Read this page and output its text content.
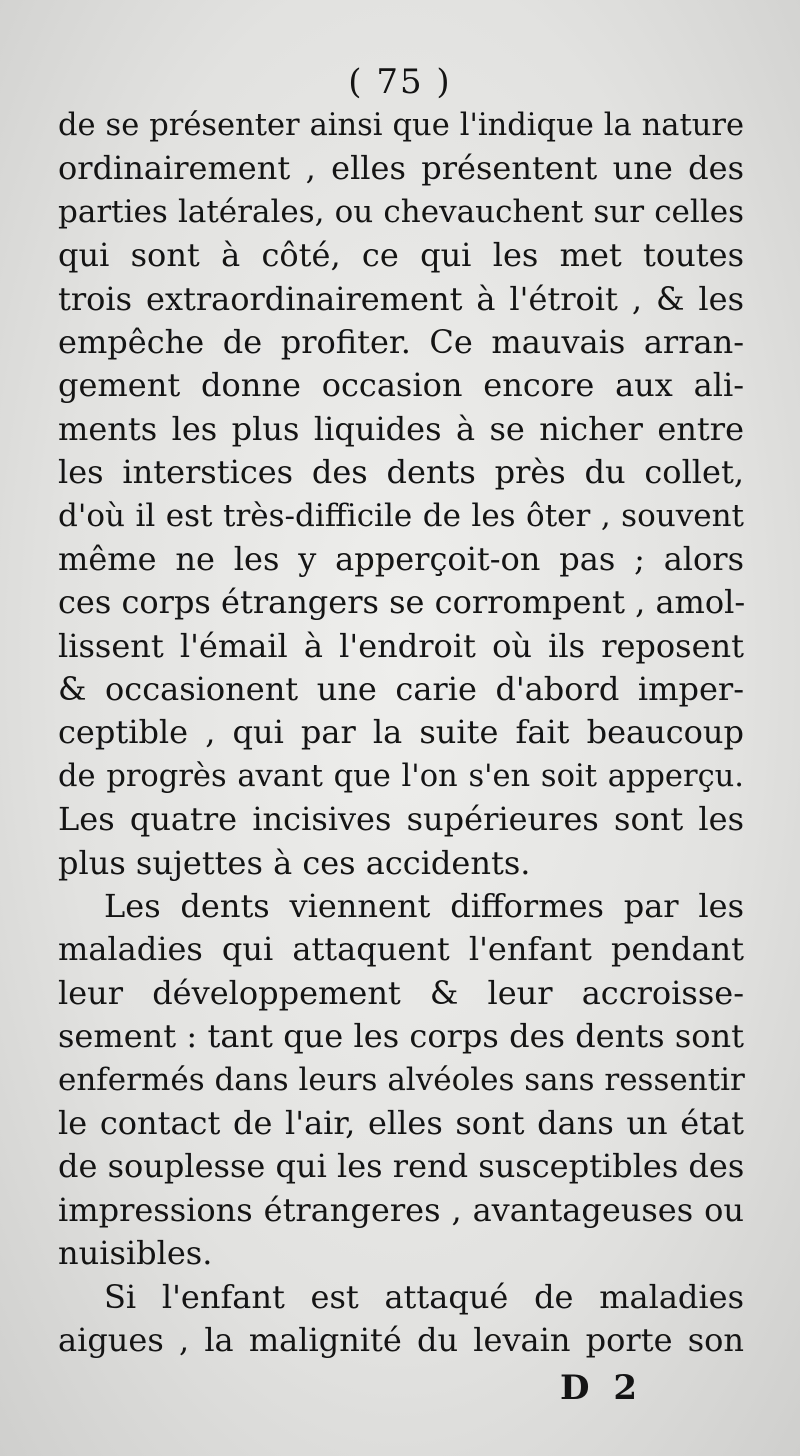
( 75 )
de se présenter ainsi que l'indique la nature
ordinairement , elles présentent une des
parties latérales, ou chevauchent sur celles
qui sont à côté, ce qui les met toutes
trois extraordinairement à l'étroit , & les
empêche de profiter. Ce mauvais arran-
gement donne occasion encore aux ali-
ments les plus liquides à se nicher entre
les interstices des dents près du collet,
d'où il est très-difficile de les ôter , souvent
même ne les y apperçoit-on pas ; alors
ces corps étrangers se corrompent , amol-
lissent l'émail à l'endroit où ils reposent
& occasionent une carie d'abord imper-
ceptible , qui par la suite fait beaucoup
de progrès avant que l'on s'en soit apperçu.
Les quatre incisives supérieures sont les
plus sujettes à ces accidents.
Les dents viennent difformes par les
maladies qui attaquent l'enfant pendant
leur développement & leur accroisse-
sement : tant que les corps des dents sont
enfermés dans leurs alvéoles sans ressentir
le contact de l'air, elles sont dans un état
de souplesse qui les rend susceptibles des
impressions étrangeres , avantageuses ou
nuisibles.
Si l'enfant est attaqué de maladies
aigues , la malignité du levain porte son
D 2
